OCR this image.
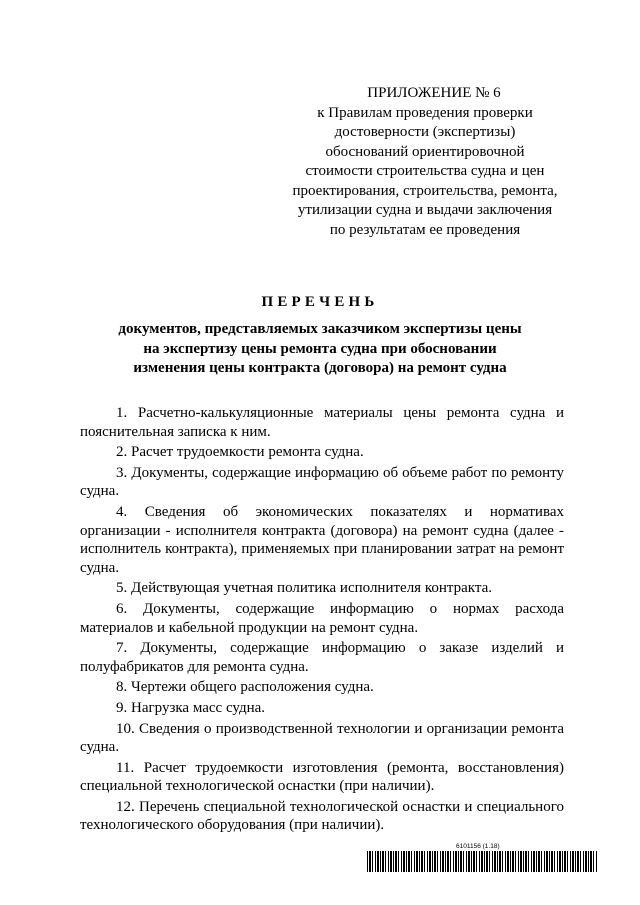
ПРИЛОЖЕНИЕ № 6
к Правилам проведения проверки
достоверности (экспертизы)
обоснований ориентировочной
стоимости строительства судна и цен
проектирования, строительства, ремонта,
утилизации судна и выдачи заключения
по результатам ее проведения
ПЕРЕЧЕНЬ
документов, представляемых заказчиком экспертизы цены
на экспертизу цены ремонта судна при обосновании
изменения цены контракта (договора) на ремонт судна

1. Расчетно-калькуляционные материалы цены ремонта судна и пояснительная записка к ним.

2. Расчет трудоемкости ремонта судна.

3. Документы, содержащие информацию об объеме работ по ремонту судна.

4. Сведения об экономических показателях и нормативах организации - исполнителя контракта (договора) на ремонт судна (далее - исполнитель контракта), применяемых при планировании затрат на ремонт судна.

5. Действующая учетная политика исполнителя контракта.

6. Документы, содержащие информацию о нормах расхода материалов и кабельной продукции на ремонт судна.

7. Документы, содержащие информацию о заказе изделий и полуфабрикатов для ремонта судна.

8. Чертежи общего расположения судна.

9. Нагрузка масс судна.

10. Сведения о производственной технологии и организации ремонта судна.

11. Расчет трудоемкости изготовления (ремонта, восстановления) специальной технологической оснастки (при наличии).

12. Перечень специальной технологической оснастки и специального технологического оборудования (при наличии).

6101156 (1.18)
